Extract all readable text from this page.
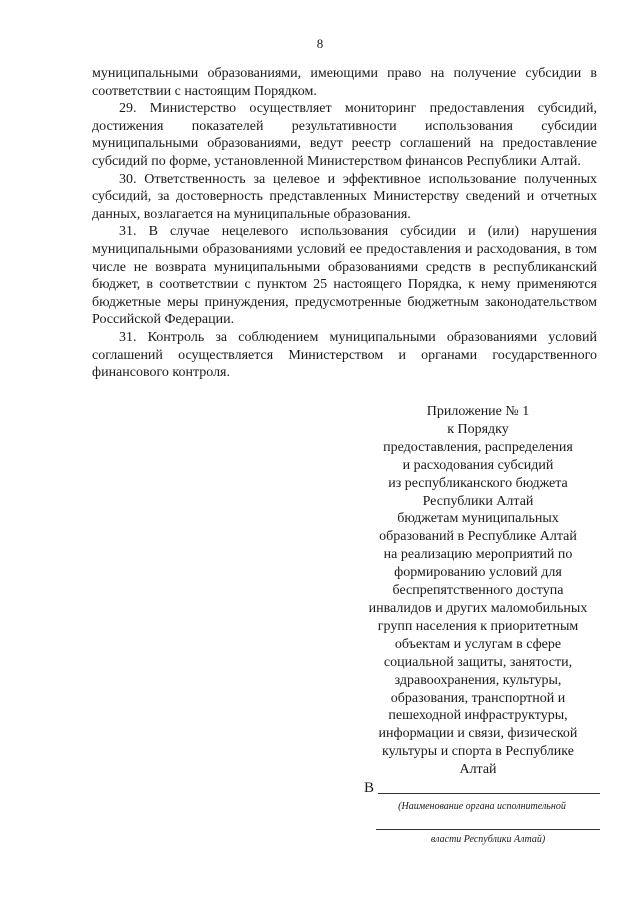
8

муниципальными образованиями, имеющими право на получение субсидии в соответствии с настоящим Порядком.

29. Министерство осуществляет мониторинг предоставления субсидий, достижения показателей результативности использования субсидии муниципальными образованиями, ведут реестр соглашений на предоставление субсидий по форме, установленной Министерством финансов Республики Алтай.

30. Ответственность за целевое и эффективное использование полученных субсидий, за достоверность представленных Министерству сведений и отчетных данных, возлагается на муниципальные образования.

31. В случае нецелевого использования субсидии и (или) нарушения муниципальными образованиями условий ее предоставления и расходования, в том числе не возврата муниципальными образованиями средств в республиканский бюджет, в соответствии с пунктом 25 настоящего Порядка, к нему применяются бюджетные меры принуждения, предусмотренные бюджетным законодательством Российской Федерации.

31. Контроль за соблюдением муниципальными образованиями условий соглашений осуществляется Министерством и органами государственного финансового контроля.

Приложение № 1
к Порядку
предоставления, распределения
и расходования субсидий
из республиканского бюджета
Республики Алтай
бюджетам муниципальных
образований в Республике Алтай
на реализацию мероприятий по
формированию условий для
беспрепятственного доступа
инвалидов и других маломобильных
групп населения к приоритетным
объектам и услугам в сфере
социальной защиты, занятости,
здравоохранения, культуры,
образования, транспортной и
пешеходной инфраструктуры,
информации и связи, физической
культуры и спорта в Республике
Алтай
В
(Наименование органа исполнительной
власти Республики Алтай)
